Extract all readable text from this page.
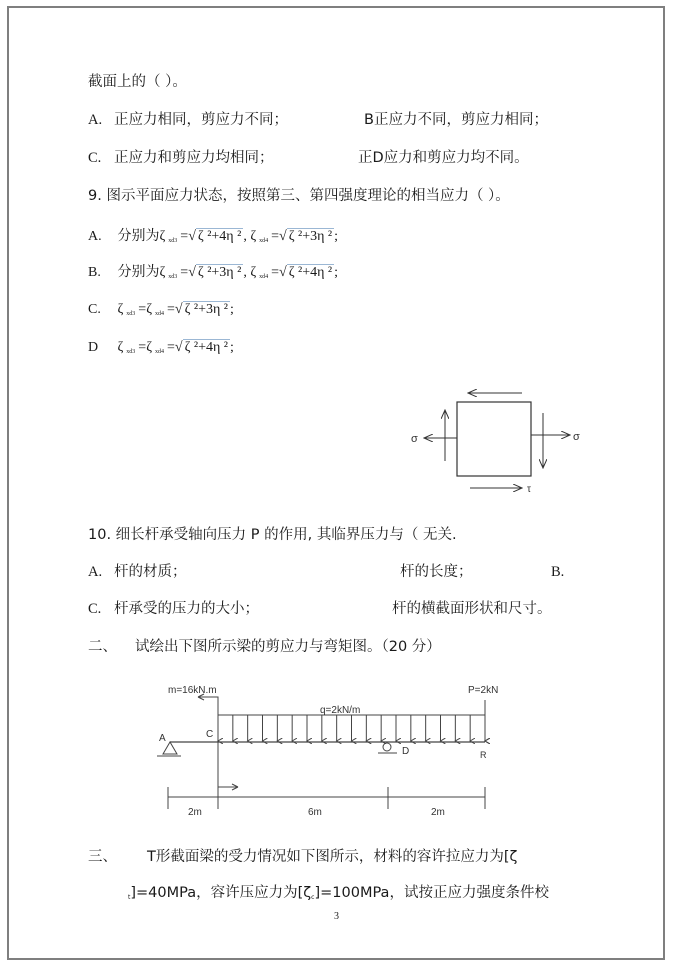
截面上的（ ）。
A. 正应力相同，剪应力不同；	B正应力不同，剪应力相同；
C. 正应力和剪应力均相同；	正D应力和剪应力均不同。
9. 图示平面应力状态，按照第三、第四强度理论的相当应力（ ）。
A. 分别为ζ $_{xd3}$ =√ ζ ²+4η ² , ζ $_{xd4}$ =√ ζ ²+3η ² ;
B. 分别为ζ $_{xd3}$ =√ ζ ²+3η ² , ζ $_{xd4}$ =√ ζ ²+4η ² ;
C. ζ $_{xd3}$ =ζ $_{xd4}$ =√ ζ ²+3η ² ;
D ζ $_{xd3}$ =ζ $_{xd4}$ =√ ζ ²+4η ² ;
σ	σ
τ
10. 细长杆承受轴向压力 P 的作用, 其临界压力与（ 无关.
A. 杆的材质；	杆的长度；	B.
C. 杆承受的压力的大小；	杆的横截面形状和尺寸。
二、 试绘出下图所示梁的剪应力与弯矩图。（20 分）
m=16kN.m
q=2kN/m
P=2kN
A	C
D	R
2m	6m	2m
三、 T形截面梁的受力情况如下图所示，材料的容许拉应力为[ζ
$_t$]=40MPa，容许压应力为$[\zeta_c]=100MPa$，试按正应力强度条件校
3
